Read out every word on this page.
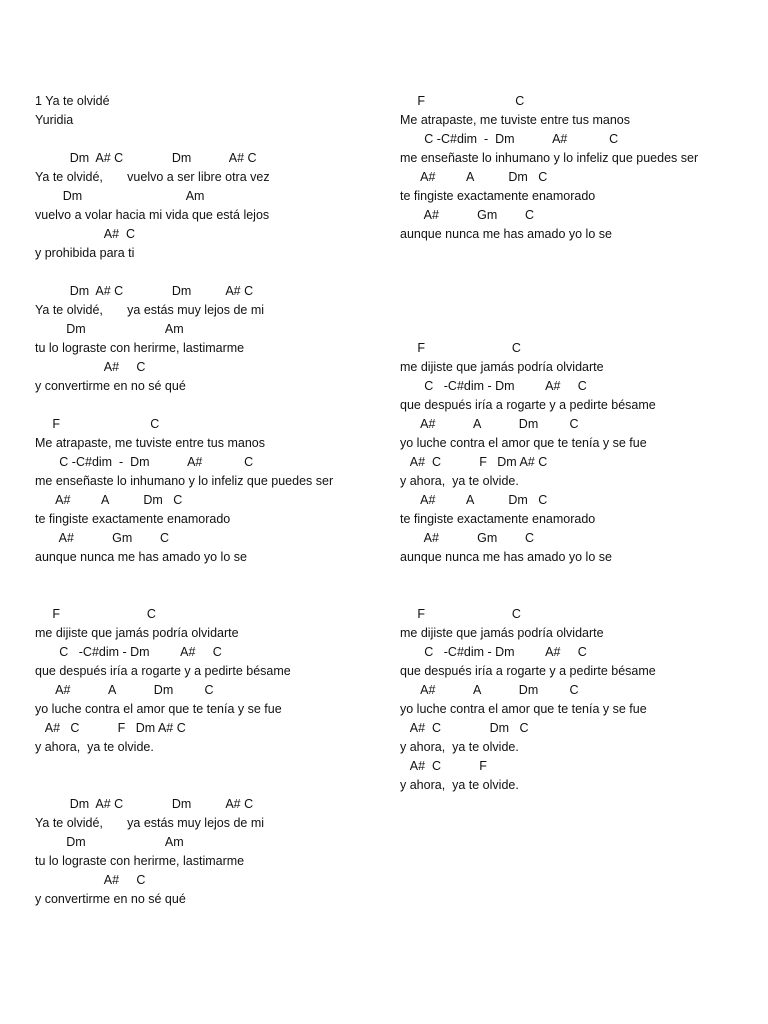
1 Ya te olvidé
Yuridia
Dm  A# C              Dm           A# C
Ya te olvidé,       vuelvo a ser libre otra vez
Dm                              Am
vuelvo a volar hacia mi vida que está lejos
A#  C
y prohibida para ti
Dm  A# C              Dm          A# C
Ya te olvidé,       ya estás muy lejos de mi
Dm                       Am
tu lo lograste con herirme, lastimarme
A#     C
y convertirme en no sé qué
F                          C
Me atrapaste, me tuviste entre tus manos
C -C#dim  -  Dm           A#            C
me enseñaste lo inhumano y lo infeliz que puedes ser
A#         A          Dm   C
te fingiste exactamente enamorado
A#           Gm        C
aunque nunca me has amado yo lo se
F                         C
me dijiste que jamás podría olvidarte
C   -C#dim - Dm         A#     C
que después iría a rogarte y a pedirte bésame
A#           A           Dm         C
yo luche contra el amor que te tenía y se fue
A#   C           F   Dm A# C
y ahora,  ya te olvide.
Dm  A# C              Dm          A# C
Ya te olvidé,       ya estás muy lejos de mi
Dm                       Am
tu lo lograste con herirme, lastimarme
A#     C
y convertirme en no sé qué
F                          C
Me atrapaste, me tuviste entre tus manos
C -C#dim  -  Dm           A#            C
me enseñaste lo inhumano y lo infeliz que puedes ser
A#         A          Dm   C
te fingiste exactamente enamorado
A#           Gm        C
aunque nunca me has amado yo lo se
F                         C
me dijiste que jamás podría olvidarte
C   -C#dim - Dm         A#     C
que después iría a rogarte y a pedirte bésame
A#           A           Dm         C
yo luche contra el amor que te tenía y se fue
A#  C           F   Dm A# C
y ahora,  ya te olvide.
A#         A          Dm   C
te fingiste exactamente enamorado
A#           Gm        C
aunque nunca me has amado yo lo se
F                         C
me dijiste que jamás podría olvidarte
C   -C#dim - Dm         A#     C
que después iría a rogarte y a pedirte bésame
A#           A           Dm         C
yo luche contra el amor que te tenía y se fue
A#  C              Dm   C
y ahora,  ya te olvide.
A#  C           F
y ahora,  ya te olvide.
